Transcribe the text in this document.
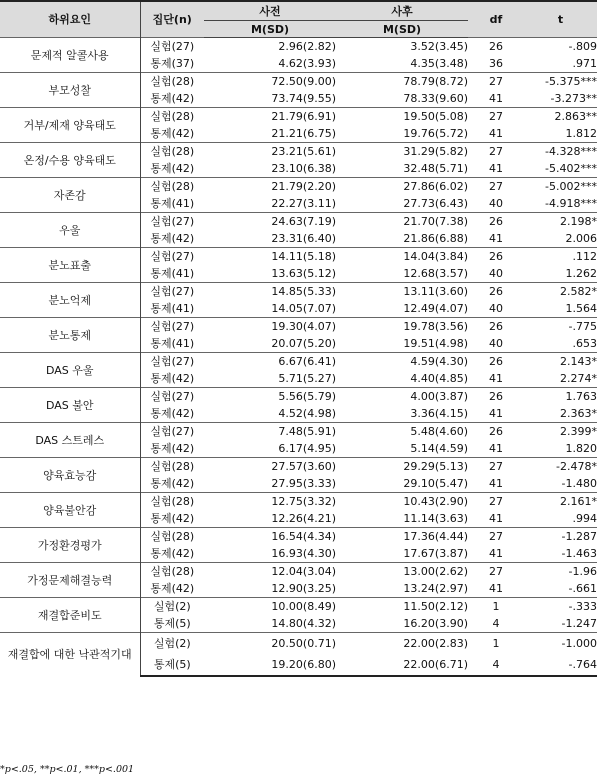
하위요인	집단(n)	사전	사후	df	t
		M(SD)	M(SD)		
문제적 알콜사용	실험(27)	2.96(2.82)	3.52(3.45)	26	-.809
	통제(37)	4.62(3.93)	4.35(3.48)	36	.971
부모성찰	실험(28)	72.50(9.00)	78.79(8.72)	27	-5.375***
	통제(42)	73.74(9.55)	78.33(9.60)	41	-3.273**
거부/제재 양육태도	실험(28)	21.79(6.91)	19.50(5.08)	27	2.863**
	통제(42)	21.21(6.75)	19.76(5.72)	41	1.812
온정/수용 양육태도	실험(28)	23.21(5.61)	31.29(5.82)	27	-4.328***
	통제(42)	23.10(6.38)	32.48(5.71)	41	-5.402***
자존감	실험(28)	21.79(2.20)	27.86(6.02)	27	-5.002***
	통제(41)	22.27(3.11)	27.73(6.43)	40	-4.918***
우울	실험(27)	24.63(7.19)	21.70(7.38)	26	2.198*
	통제(42)	23.31(6.40)	21.86(6.88)	41	2.006
분노표출	실험(27)	14.11(5.18)	14.04(3.84)	26	.112
	통제(41)	13.63(5.12)	12.68(3.57)	40	1.262
분노억제	실험(27)	14.85(5.33)	13.11(3.60)	26	2.582*
	통제(41)	14.05(7.07)	12.49(4.07)	40	1.564
분노통제	실험(27)	19.30(4.07)	19.78(3.56)	26	-.775
	통제(41)	20.07(5.20)	19.51(4.98)	40	.653
DAS 우울	실험(27)	6.67(6.41)	4.59(4.30)	26	2.143*
	통제(42)	5.71(5.27)	4.40(4.85)	41	2.274*
DAS 불안	실험(27)	5.56(5.79)	4.00(3.87)	26	1.763
	통제(42)	4.52(4.98)	3.36(4.15)	41	2.363*
DAS 스트레스	실험(27)	7.48(5.91)	5.48(4.60)	26	2.399*
	통제(42)	6.17(4.95)	5.14(4.59)	41	1.820
양육효능감	실험(28)	27.57(3.60)	29.29(5.13)	27	-2.478*
	통제(42)	27.95(3.33)	29.10(5.47)	41	-1.480
양육불안감	실험(28)	12.75(3.32)	10.43(2.90)	27	2.161*
	통제(42)	12.26(4.21)	11.14(3.63)	41	.994
가정환경평가	실험(28)	16.54(4.34)	17.36(4.44)	27	-1.287
	통제(42)	16.93(4.30)	17.67(3.87)	41	-1.463
가정문제해결능력	실험(28)	12.04(3.04)	13.00(2.62)	27	-1.96
	통제(42)	12.90(3.25)	13.24(2.97)	41	-.661
재결합준비도	실험(2)	10.00(8.49)	11.50(2.12)	1	-.333
	통제(5)	14.80(4.32)	16.20(3.90)	4	-1.247
재결합에 대한 낙관적기대	실험(2)	20.50(0.71)	22.00(2.83)	1	-1.000
	통제(5)	19.20(6.80)	22.00(6.71)	4	-.764
*p<.05, **p<.01, ***p<.001
